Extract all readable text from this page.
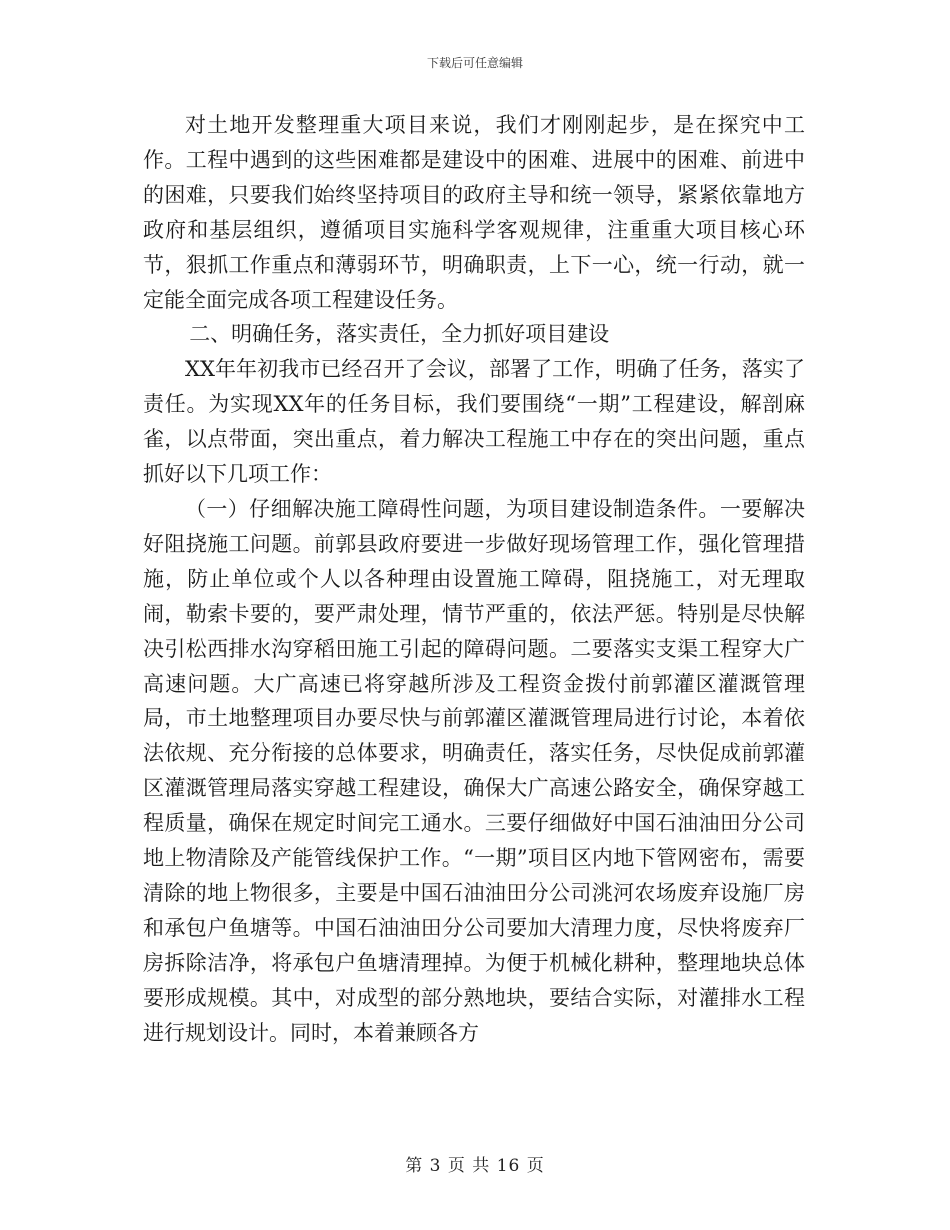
下载后可任意编辑

对土地开发整理重大项目来说，我们才刚刚起步，是在探究中工作。工程中遇到的这些困难都是建设中的困难、进展中的困难、前进中的困难，只要我们始终坚持项目的政府主导和统一领导，紧紧依靠地方政府和基层组织，遵循项目实施科学客观规律，注重重大项目核心环节，狠抓工作重点和薄弱环节，明确职责，上下一心，统一行动，就一定能全面完成各项工程建设任务。

二、明确任务，落实责任，全力抓好项目建设

XX年年初我市已经召开了会议，部署了工作，明确了任务，落实了责任。为实现XX年的任务目标，我们要围绕“一期”工程建设，解剖麻雀，以点带面，突出重点，着力解决工程施工中存在的突出问题，重点抓好以下几项工作：

（一）仔细解决施工障碍性问题，为项目建设制造条件。一要解决好阻挠施工问题。前郭县政府要进一步做好现场管理工作，强化管理措施，防止单位或个人以各种理由设置施工障碍，阻挠施工，对无理取闹，勒索卡要的，要严肃处理，情节严重的，依法严惩。特别是尽快解决引松西排水沟穿稻田施工引起的障碍问题。二要落实支渠工程穿大广高速问题。大广高速已将穿越所涉及工程资金拨付前郭灌区灌溉管理局，市土地整理项目办要尽快与前郭灌区灌溉管理局进行讨论，本着依法依规、充分衔接的总体要求，明确责任，落实任务，尽快促成前郭灌区灌溉管理局落实穿越工程建设，确保大广高速公路安全，确保穿越工程质量，确保在规定时间完工通水。三要仔细做好中国石油油田分公司地上物清除及产能管线保护工作。“一期”项目区内地下管网密布，需要清除的地上物很多，主要是中国石油油田分公司洮河农场废弃设施厂房和承包户鱼塘等。中国石油油田分公司要加大清理力度，尽快将废弃厂房拆除洁净，将承包户鱼塘清理掉。为便于机械化耕种，整理地块总体要形成规模。其中，对成型的部分熟地块，要结合实际，对灌排水工程进行规划设计。同时，本着兼顾各方

第 3 页 共 16 页
